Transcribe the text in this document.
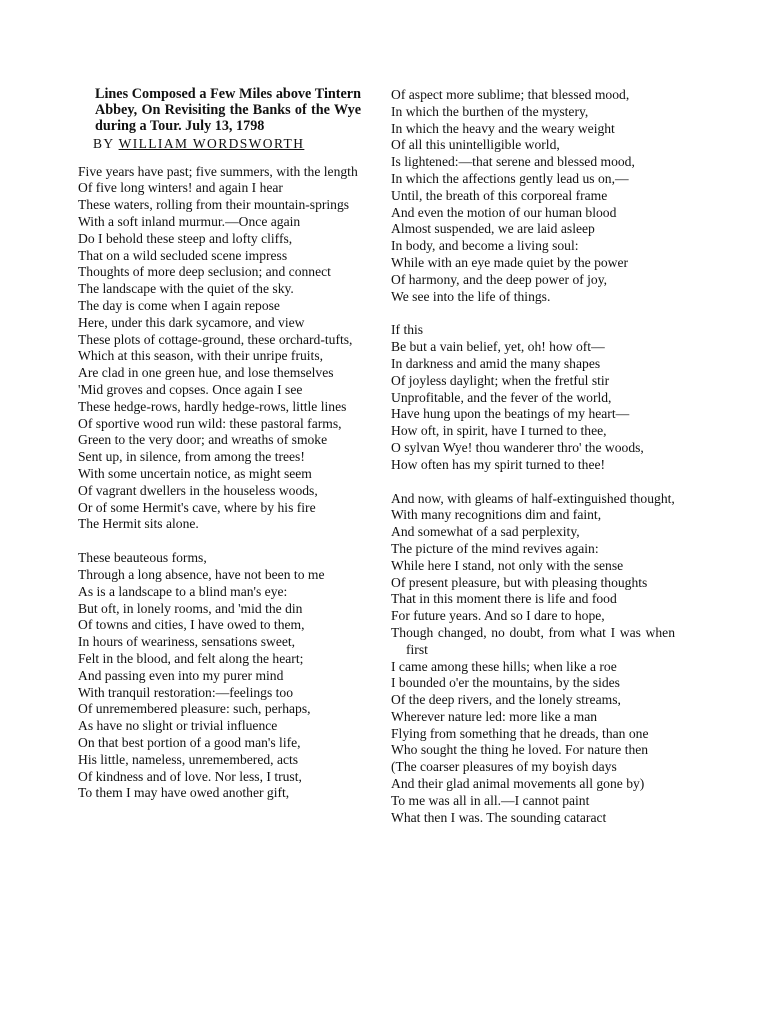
Lines Composed a Few Miles above Tintern Abbey, On Revisiting the Banks of the Wye during a Tour. July 13, 1798
BY WILLIAM WORDSWORTH
Five years have past; five summers, with the length
Of five long winters! and again I hear
These waters, rolling from their mountain-springs
With a soft inland murmur.—Once again
Do I behold these steep and lofty cliffs,
That on a wild secluded scene impress
Thoughts of more deep seclusion; and connect
The landscape with the quiet of the sky.
The day is come when I again repose
Here, under this dark sycamore, and view
These plots of cottage-ground, these orchard-tufts,
Which at this season, with their unripe fruits,
Are clad in one green hue, and lose themselves
'Mid groves and copses. Once again I see
These hedge-rows, hardly hedge-rows, little lines
Of sportive wood run wild: these pastoral farms,
Green to the very door; and wreaths of smoke
Sent up, in silence, from among the trees!
With some uncertain notice, as might seem
Of vagrant dwellers in the houseless woods,
Or of some Hermit's cave, where by his fire
The Hermit sits alone.
These beauteous forms,
Through a long absence, have not been to me
As is a landscape to a blind man's eye:
But oft, in lonely rooms, and 'mid the din
Of towns and cities, I have owed to them,
In hours of weariness, sensations sweet,
Felt in the blood, and felt along the heart;
And passing even into my purer mind
With tranquil restoration:—feelings too
Of unremembered pleasure: such, perhaps,
As have no slight or trivial influence
On that best portion of a good man's life,
His little, nameless, unremembered, acts
Of kindness and of love. Nor less, I trust,
To them I may have owed another gift,
Of aspect more sublime; that blessed mood,
In which the burthen of the mystery,
In which the heavy and the weary weight
Of all this unintelligible world,
Is lightened:—that serene and blessed mood,
In which the affections gently lead us on,—
Until, the breath of this corporeal frame
And even the motion of our human blood
Almost suspended, we are laid asleep
In body, and become a living soul:
While with an eye made quiet by the power
Of harmony, and the deep power of joy,
We see into the life of things.
If this
Be but a vain belief, yet, oh! how oft—
In darkness and amid the many shapes
Of joyless daylight; when the fretful stir
Unprofitable, and the fever of the world,
Have hung upon the beatings of my heart—
How oft, in spirit, have I turned to thee,
O sylvan Wye! thou wanderer thro' the woods,
How often has my spirit turned to thee!
And now, with gleams of half-extinguished thought,
With many recognitions dim and faint,
And somewhat of a sad perplexity,
The picture of the mind revives again:
While here I stand, not only with the sense
Of present pleasure, but with pleasing thoughts
That in this moment there is life and food
For future years. And so I dare to hope,
Though changed, no doubt, from what I was when first
I came among these hills; when like a roe
I bounded o'er the mountains, by the sides
Of the deep rivers, and the lonely streams,
Wherever nature led: more like a man
Flying from something that he dreads, than one
Who sought the thing he loved. For nature then
(The coarser pleasures of my boyish days
And their glad animal movements all gone by)
To me was all in all.—I cannot paint
What then I was. The sounding cataract
